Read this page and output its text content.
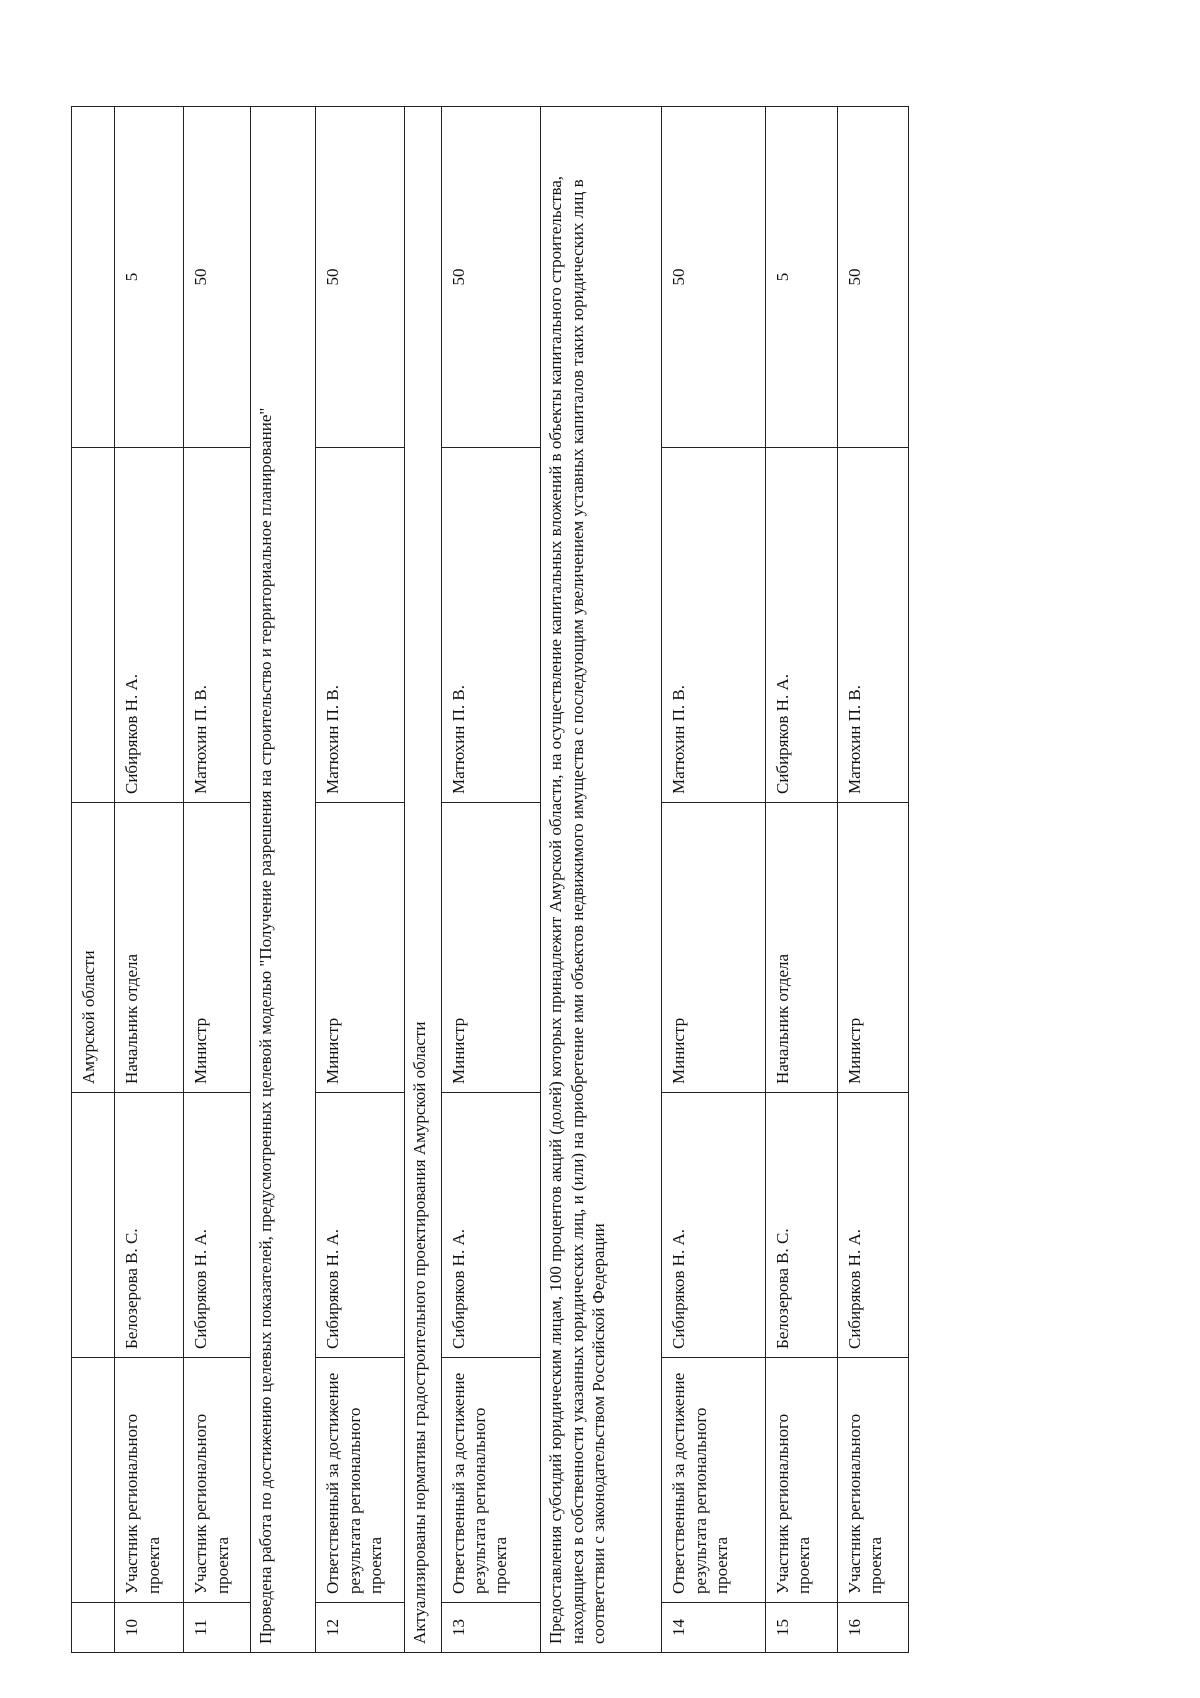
			Амурской области		
10	Участник регионального проекта	Белозерова В. С.	Начальник отдела	Сибиряков Н. А.	5
11	Участник регионального проекта	Сибиряков Н. А.	Министр	Матюхин П. В.	50
Проведена работа по достижению целевых показателей, предусмотренных целевой моделью "Получение разрешения на строительство и территориальное планирование"					
12	Ответственный за достижение результата регионального проекта	Сибиряков Н. А.	Министр	Матюхин П. В.	50
Актуализированы нормативы градостроительного проектирования Амурской области					
13	Ответственный за достижение результата регионального проекта	Сибиряков Н. А.	Министр	Матюхин П. В.	50
Предоставления субсидий юридическим лицам, 100 процентов акций (долей) которых принадлежит Амурской области, на осуществление капитальных вложений в объекты капитального строительства, находящиеся в собственности указанных юридических лиц, и (или) на приобретение ими объектов недвижимого имущества с последующим увеличением уставных капиталов таких юридических лиц в соответствии с законодательством Российской Федерации					
14	Ответственный за достижение результата регионального проекта	Сибиряков Н. А.	Министр	Матюхин П. В.	50
15	Участник регионального проекта	Белозерова В. С.	Начальник отдела	Сибиряков Н. А.	5
16	Участник регионального проекта	Сибиряков Н. А.	Министр	Матюхин П. В.	50
